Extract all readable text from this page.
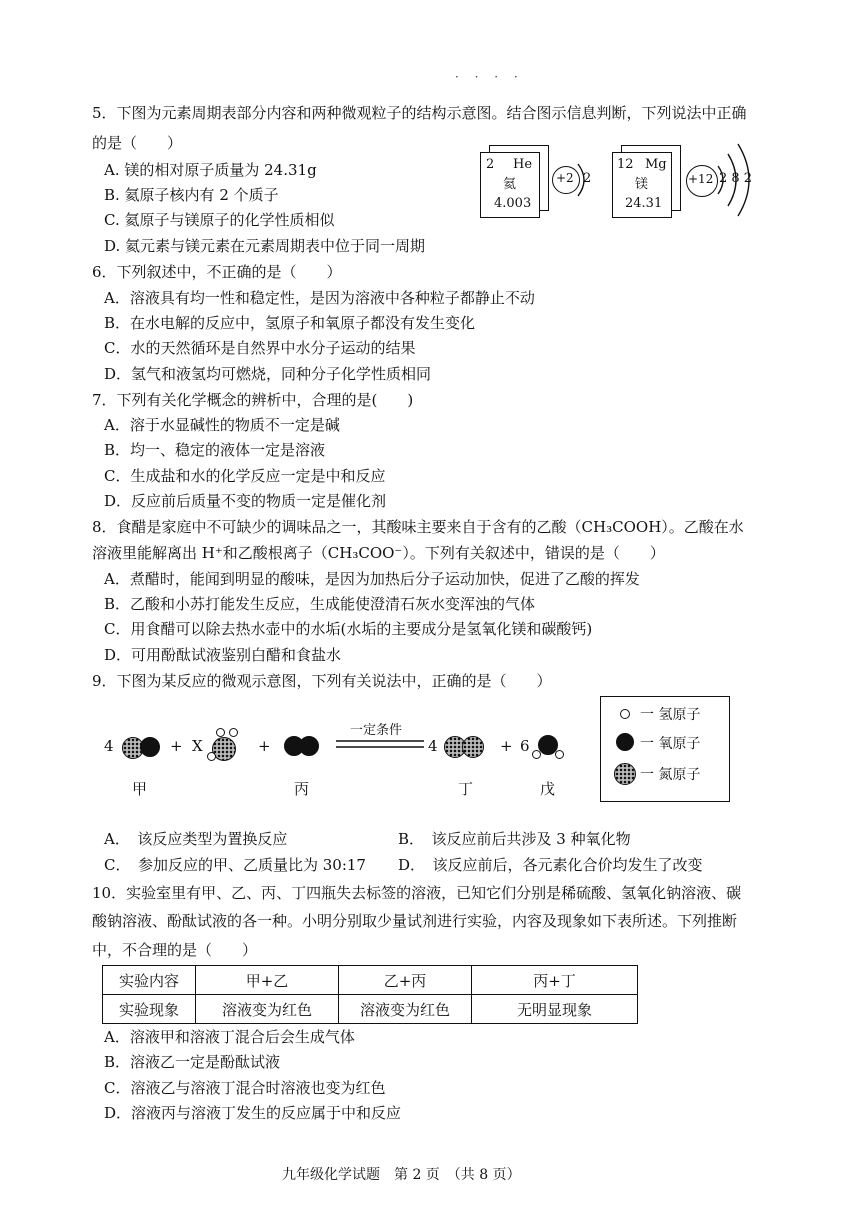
· · · ·
5．下图为元素周期表部分内容和两种微观粒子的结构示意图。结合图示信息判断，下列说法中正确
的是（　　）
A. 镁的相对原子质量为 24.31g
B. 氦原子核内有 2 个质子
C. 氦原子与镁原子的化学性质相似
D. 氦元素与镁元素在元素周期表中位于同一周期
2 He
氦
4.003
+2 2
12 Mg
镁
24.31
+12 2 8 2
6．下列叙述中，不正确的是（　　）
A．溶液具有均一性和稳定性，是因为溶液中各种粒子都静止不动
B．在水电解的反应中，氢原子和氧原子都没有发生变化
C．水的天然循环是自然界中水分子运动的结果
D．氢气和液氢均可燃烧，同种分子化学性质相同
7．下列有关化学概念的辨析中，合理的是(　　)
A．溶于水显碱性的物质不一定是碱
B．均一、稳定的液体一定是溶液
C．生成盐和水的化学反应一定是中和反应
D．反应前后质量不变的物质一定是催化剂
8．食醋是家庭中不可缺少的调味品之一，其酸味主要来自于含有的乙酸（CH₃COOH）。乙酸在水
溶液里能解离出 H⁺和乙酸根离子（CH₃COO⁻）。下列有关叙述中，错误的是（　　）
A．煮醋时，能闻到明显的酸味，是因为加热后分子运动加快，促进了乙酸的挥发
B．乙酸和小苏打能发生反应，生成能使澄清石灰水变浑浊的气体
C．用食醋可以除去热水壶中的水垢(水垢的主要成分是氢氧化镁和碳酸钙)
D．可用酚酞试液鉴别白醋和食盐水
9．下图为某反应的微观示意图，下列有关说法中，正确的是（　　）
4	+ X	+
一定条件
4	+ 6
甲	丙	丁	戊
一 氢原子
一 氧原子
一 氮原子
A．　该反应类型为置换反应	B．　该反应前后共涉及 3 种氧化物
C．　参加反应的甲、乙质量比为 30:17 D．　该反应前后，各元素化合价均发生了改变
10．实验室里有甲、乙、丙、丁四瓶失去标签的溶液，已知它们分别是稀硫酸、氢氧化钠溶液、碳
酸钠溶液、酚酞试液的各一种。小明分别取少量试剂进行实验，内容及现象如下表所述。下列推断
中，不合理的是（　　）
实验内容	甲+乙	乙+丙	丙+丁
实验现象	溶液变为红色	溶液变为红色	无明显现象
A．溶液甲和溶液丁混合后会生成气体
B．溶液乙一定是酚酞试液
C．溶液乙与溶液丁混合时溶液也变为红色
D．溶液丙与溶液丁发生的反应属于中和反应
九年级化学试题　第 2 页　（共 8 页）
